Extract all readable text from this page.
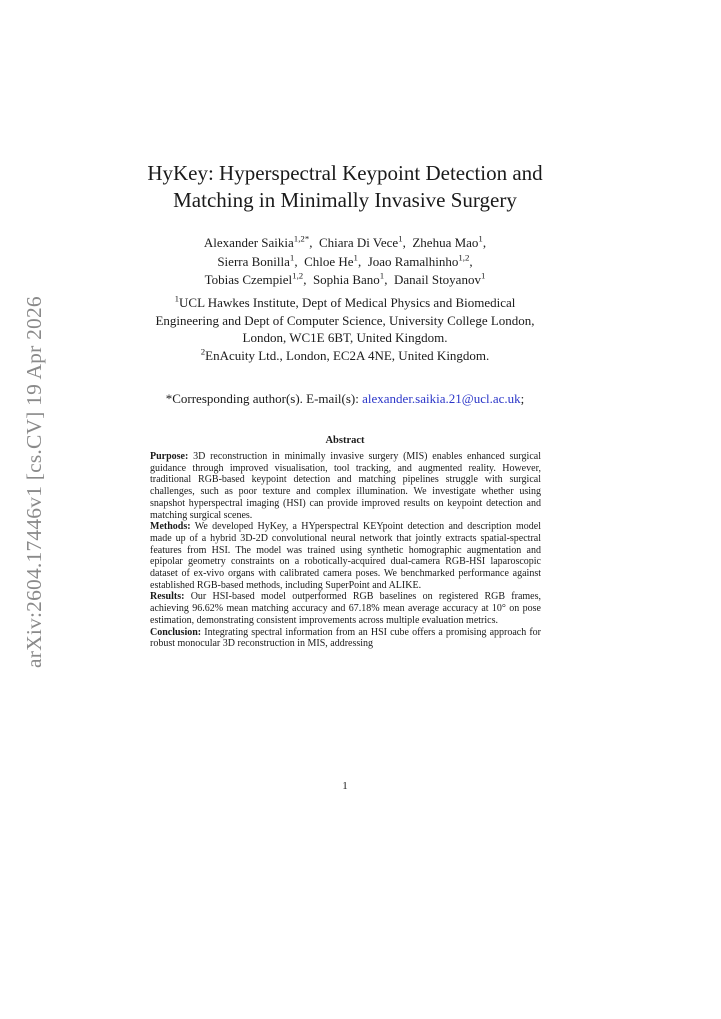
arXiv:2604.17446v1 [cs.CV] 19 Apr 2026
HyKey: Hyperspectral Keypoint Detection and
Matching in Minimally Invasive Surgery
Alexander Saikia$^{1,2*}$,  Chiara Di Vece$^1$,  Zhehua Mao$^1$,
Sierra Bonilla$^1$,  Chloe He$^1$,  Joao Ramalhinho$^{1,2}$,
Tobias Czempiel$^{1,2}$,  Sophia Bano$^1$,  Danail Stoyanov$^1$
$^1$UCL Hawkes Institute, Dept of Medical Physics and Biomedical
Engineering and Dept of Computer Science, University College London,
London, WC1E 6BT, United Kingdom.
$^2$EnAcuity Ltd., London, EC2A 4NE, United Kingdom.
*Corresponding author(s). E-mail(s): alexander.saikia.21@ucl.ac.uk;
Abstract

Purpose: 3D reconstruction in minimally invasive surgery (MIS) enables enhanced surgical guidance through improved visualisation, tool tracking, and augmented reality. However, traditional RGB-based keypoint detection and matching pipelines struggle with surgical challenges, such as poor texture and complex illumination. We investigate whether using snapshot hyperspectral imaging (HSI) can provide improved results on keypoint detection and matching surgical scenes.

Methods: We developed HyKey, a HYperspectral KEYpoint detection and description model made up of a hybrid 3D-2D convolutional neural network that jointly extracts spatial-spectral features from HSI. The model was trained using synthetic homographic augmentation and epipolar geometry constraints on a robotically-acquired dual-camera RGB-HSI laparoscopic dataset of ex-vivo organs with calibrated camera poses. We benchmarked performance against established RGB-based methods, including SuperPoint and ALIKE.

Results: Our HSI-based model outperformed RGB baselines on registered RGB frames, achieving 96.62% mean matching accuracy and 67.18% mean average accuracy at 10° on pose estimation, demonstrating consistent improvements across multiple evaluation metrics.

Conclusion: Integrating spectral information from an HSI cube offers a promising approach for robust monocular 3D reconstruction in MIS, addressing

1
